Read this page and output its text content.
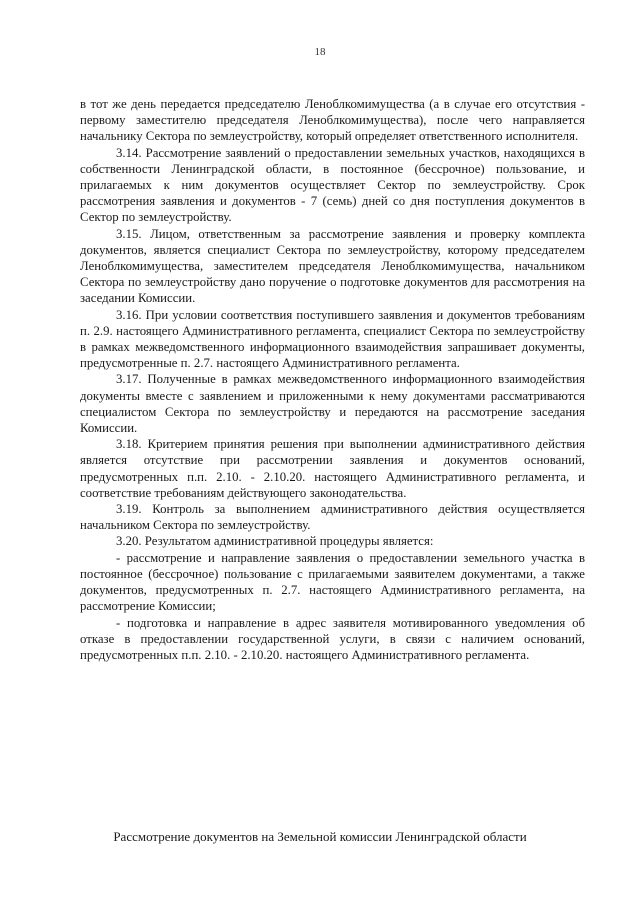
18

в тот же день передается председателю Леноблкомимущества (а в случае его отсутствия - первому заместителю председателя Леноблкомимущества), после чего направляется начальнику Сектора по землеустройству, который определяет ответственного исполнителя.

3.14. Рассмотрение заявлений о предоставлении земельных участков, находящихся в собственности Ленинградской области, в постоянное (бессрочное) пользование, и прилагаемых к ним документов осуществляет Сектор по землеустройству. Срок рассмотрения заявления и документов - 7 (семь) дней со дня поступления документов в Сектор по землеустройству.

3.15. Лицом, ответственным за рассмотрение заявления и проверку комплекта документов, является специалист Сектора по землеустройству, которому председателем Леноблкомимущества, заместителем председателя Леноблкомимущества, начальником Сектора по землеустройству дано поручение о подготовке документов для рассмотрения на заседании Комиссии.

3.16. При условии соответствия поступившего заявления и документов требованиям п. 2.9. настоящего Административного регламента, специалист Сектора по землеустройству в рамках межведомственного информационного взаимодействия запрашивает документы, предусмотренные п. 2.7. настоящего Административного регламента.

3.17. Полученные в рамках межведомственного информационного взаимодействия документы вместе с заявлением и приложенными к нему документами рассматриваются специалистом Сектора по землеустройству и передаются на рассмотрение заседания Комиссии.

3.18. Критерием принятия решения при выполнении административного действия является отсутствие при рассмотрении заявления и документов оснований, предусмотренных п.п. 2.10. - 2.10.20. настоящего Административного регламента, и соответствие требованиям действующего законодательства.

3.19. Контроль за выполнением административного действия осуществляется начальником Сектора по землеустройству.

3.20. Результатом административной процедуры является:

- рассмотрение и направление заявления о предоставлении земельного участка в постоянное (бессрочное) пользование с прилагаемыми заявителем документами, а также документов, предусмотренных п. 2.7. настоящего Административного регламента, на рассмотрение Комиссии;

- подготовка и направление в адрес заявителя мотивированного уведомления об отказе в предоставлении государственной услуги, в связи с наличием оснований, предусмотренных п.п. 2.10. - 2.10.20. настоящего Административного регламента.

Рассмотрение документов на Земельной комиссии Ленинградской области
